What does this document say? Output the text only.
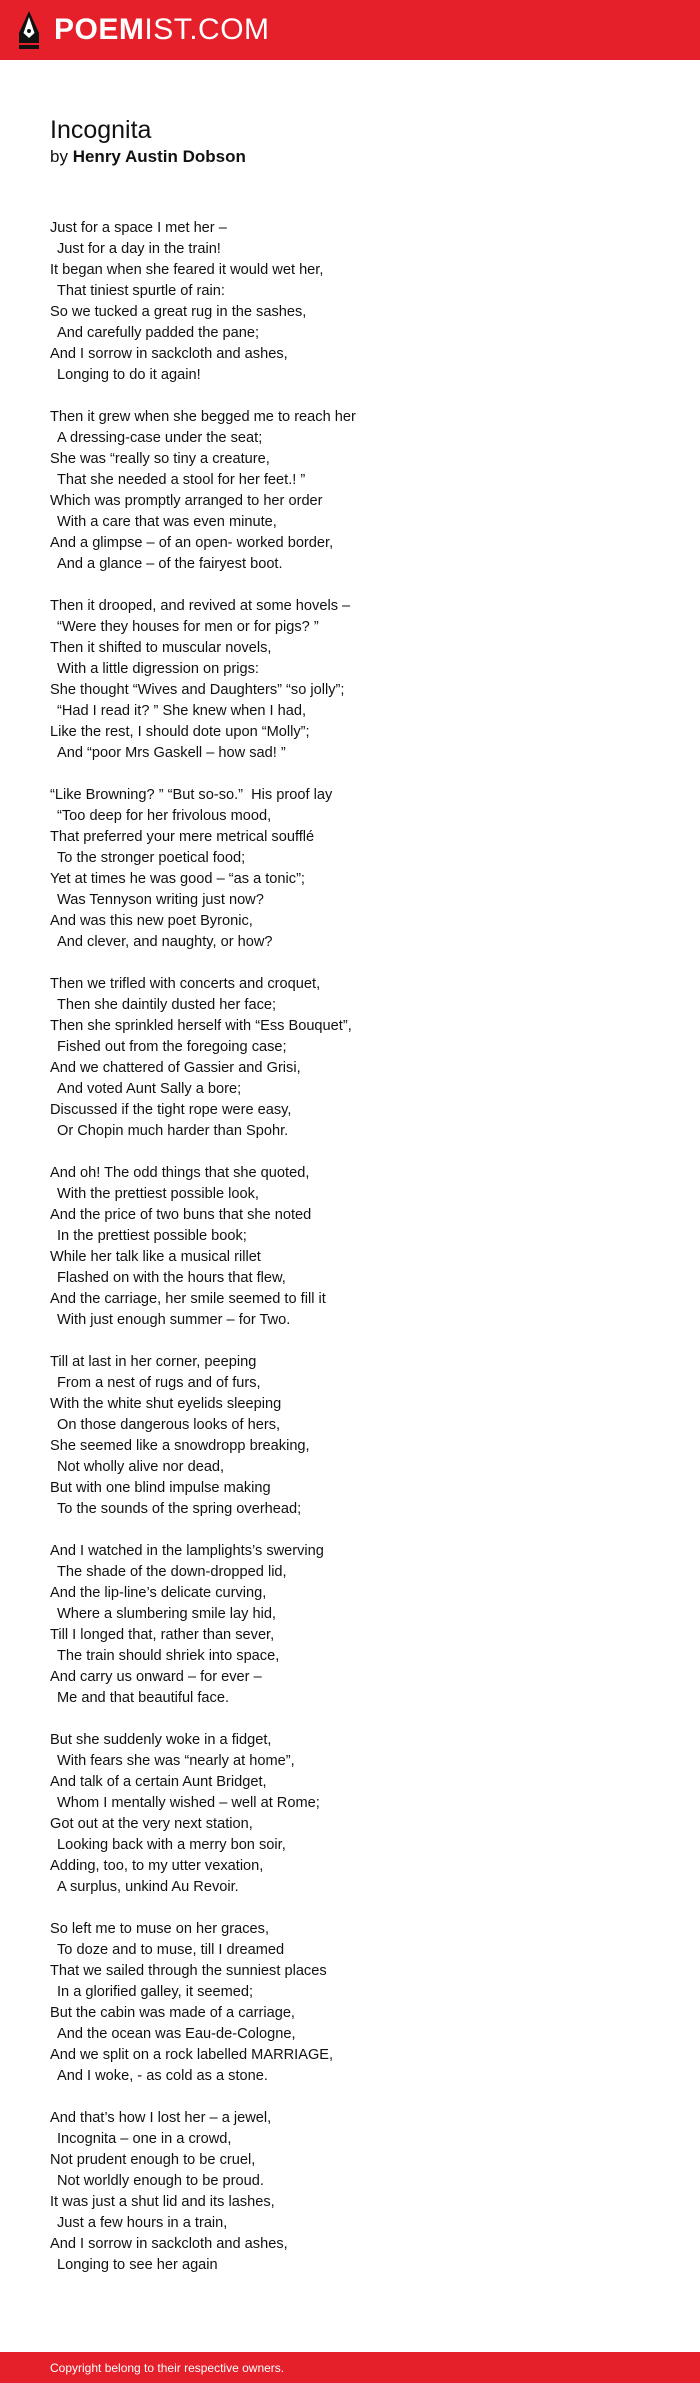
POEMIST.COM
Incognita
by Henry Austin Dobson
Just for a space I met her –
Just for a day in the train!
It began when she feared it would wet her,
That tiniest spurtle of rain:
So we tucked a great rug in the sashes,
And carefully padded the pane;
And I sorrow in sackcloth and ashes,
Longing to do it again!
Then it grew when she begged me to reach her
A dressing-case under the seat;
She was “really so tiny a creature,
That she needed a stool for her feet.! ”
Which was promptly arranged to her order
With a care that was even minute,
And a glimpse – of an open- worked border,
And a glance – of the fairyest boot.
Then it drooped, and revived at some hovels –
“Were they houses for men or for pigs? ”
Then it shifted to muscular novels,
With a little digression on prigs:
She thought “Wives and Daughters” “so jolly”;
“Had I read it? ” She knew when I had,
Like the rest, I should dote upon “Molly”;
And “poor Mrs Gaskell – how sad! ”
“Like Browning? ” “But so-so.”  His proof lay
“Too deep for her frivolous mood,
That preferred your mere metrical soufflé
To the stronger poetical food;
Yet at times he was good – “as a tonic”;
Was Tennyson writing just now?
And was this new poet Byronic,
And clever, and naughty, or how?
Then we trifled with concerts and croquet,
Then she daintily dusted her face;
Then she sprinkled herself with “Ess Bouquet”,
Fished out from the foregoing case;
And we chattered of Gassier and Grisi,
And voted Aunt Sally a bore;
Discussed if the tight rope were easy,
Or Chopin much harder than Spohr.
And oh! The odd things that she quoted,
With the prettiest possible look,
And the price of two buns that she noted
In the prettiest possible book;
While her talk like a musical rillet
Flashed on with the hours that flew,
And the carriage, her smile seemed to fill it
With just enough summer – for Two.
Till at last in her corner, peeping
From a nest of rugs and of furs,
With the white shut eyelids sleeping
On those dangerous looks of hers,
She seemed like a snowdropp breaking,
Not wholly alive nor dead,
But with one blind impulse making
To the sounds of the spring overhead;
And I watched in the lamplights’s swerving
The shade of the down-dropped lid,
And the lip-line’s delicate curving,
Where a slumbering smile lay hid,
Till I longed that, rather than sever,
The train should shriek into space,
And carry us onward – for ever –
Me and that beautiful face.
But she suddenly woke in a fidget,
With fears she was “nearly at home”,
And talk of a certain Aunt Bridget,
Whom I mentally wished – well at Rome;
Got out at the very next station,
Looking back with a merry bon soir,
Adding, too, to my utter vexation,
A surplus, unkind Au Revoir.
So left me to muse on her graces,
To doze and to muse, till I dreamed
That we sailed through the sunniest places
In a glorified galley, it seemed;
But the cabin was made of a carriage,
And the ocean was Eau-de-Cologne,
And we split on a rock labelled MARRIAGE,
And I woke, - as cold as a stone.
And that’s how I lost her – a jewel,
Incognita – one in a crowd,
Not prudent enough to be cruel,
Not worldly enough to be proud.
It was just a shut lid and its lashes,
Just a few hours in a train,
And I sorrow in sackcloth and ashes,
Longing to see her again
Copyright belong to their respective owners.
